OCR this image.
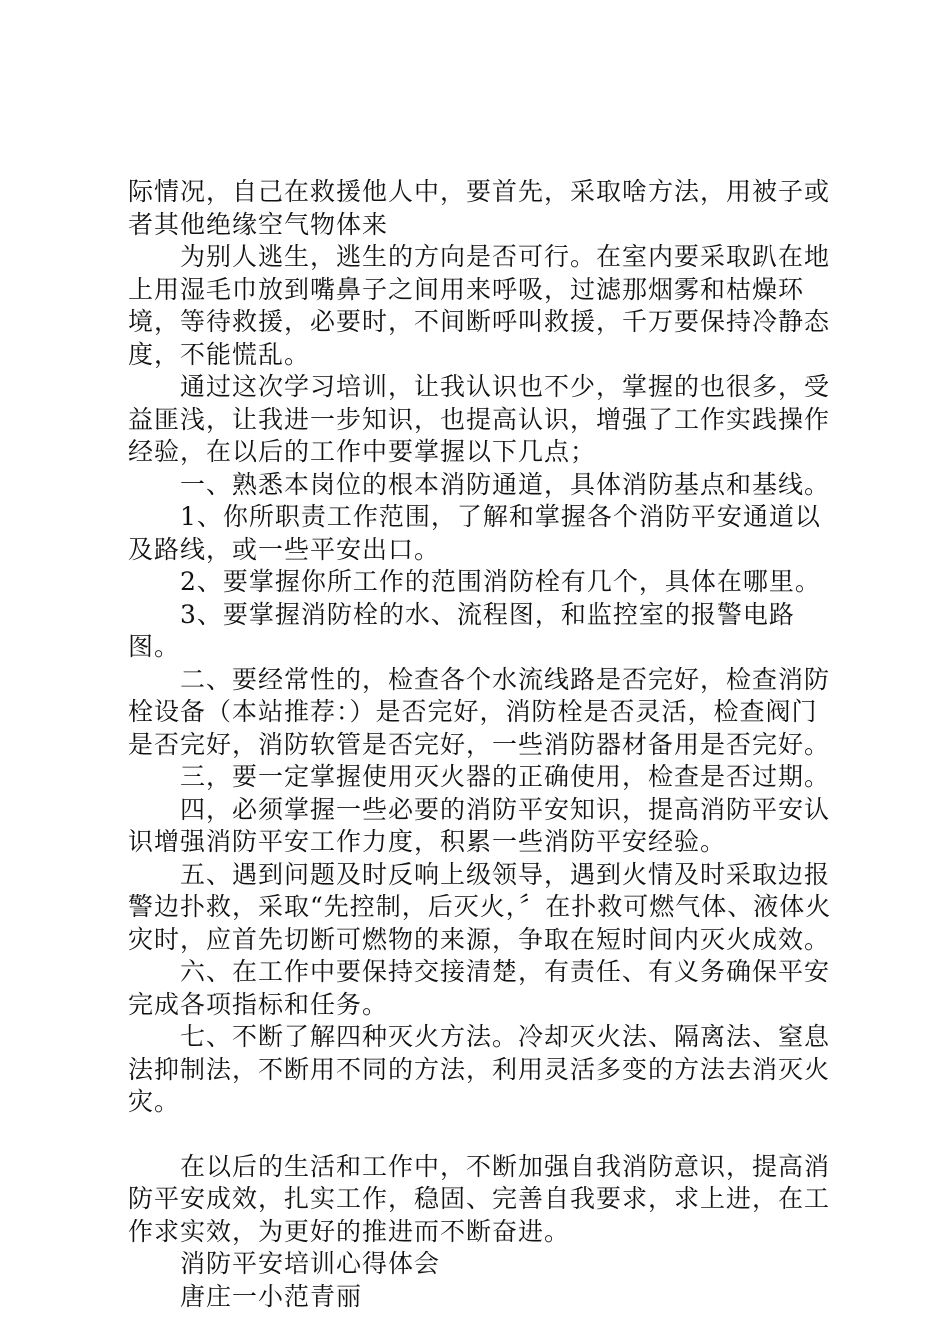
际情况，自己在救援他人中，要首先，采取啥方法，用被子或者其他绝缘空气物体来

为别人逃生，逃生的方向是否可行。在室内要采取趴在地上用湿毛巾放到嘴鼻子之间用来呼吸，过滤那烟雾和枯燥环境，等待救援，必要时，不间断呼叫救援，千万要保持冷静态度，不能慌乱。

通过这次学习培训，让我认识也不少，掌握的也很多，受益匪浅，让我进一步知识，也提高认识，增强了工作实践操作经验，在以后的工作中要掌握以下几点；

一、熟悉本岗位的根本消防通道，具体消防基点和基线。

1、你所职责工作范围，了解和掌握各个消防平安通道以及路线，或一些平安出口。

2、要掌握你所工作的范围消防栓有几个，具体在哪里。

3、要掌握消防栓的水、流程图，和监控室的报警电路图。

二、要经常性的，检查各个水流线路是否完好，检查消防栓设备（本站推荐：）是否完好，消防栓是否灵活，检查阀门是否完好，消防软管是否完好，一些消防器材备用是否完好。

三，要一定掌握使用灭火器的正确使用，检查是否过期。

四，必须掌握一些必要的消防平安知识，提高消防平安认识增强消防平安工作力度，积累一些消防平安经验。

五、遇到问题及时反响上级领导，遇到火情及时采取边报警边扑救，采取“先控制，后灭火，〞在扑救可燃气体、液体火灾时，应首先切断可燃物的来源，争取在短时间内灭火成效。

六、在工作中要保持交接清楚，有责任、有义务确保平安完成各项指标和任务。

七、不断了解四种灭火方法。冷却灭火法、隔离法、窒息法抑制法，不断用不同的方法，利用灵活多变的方法去消灭火灾。

在以后的生活和工作中，不断加强自我消防意识，提高消防平安成效，扎实工作，稳固、完善自我要求，求上进，在工作求实效，为更好的推进而不断奋进。

消防平安培训心得体会

唐庄一小范青丽
